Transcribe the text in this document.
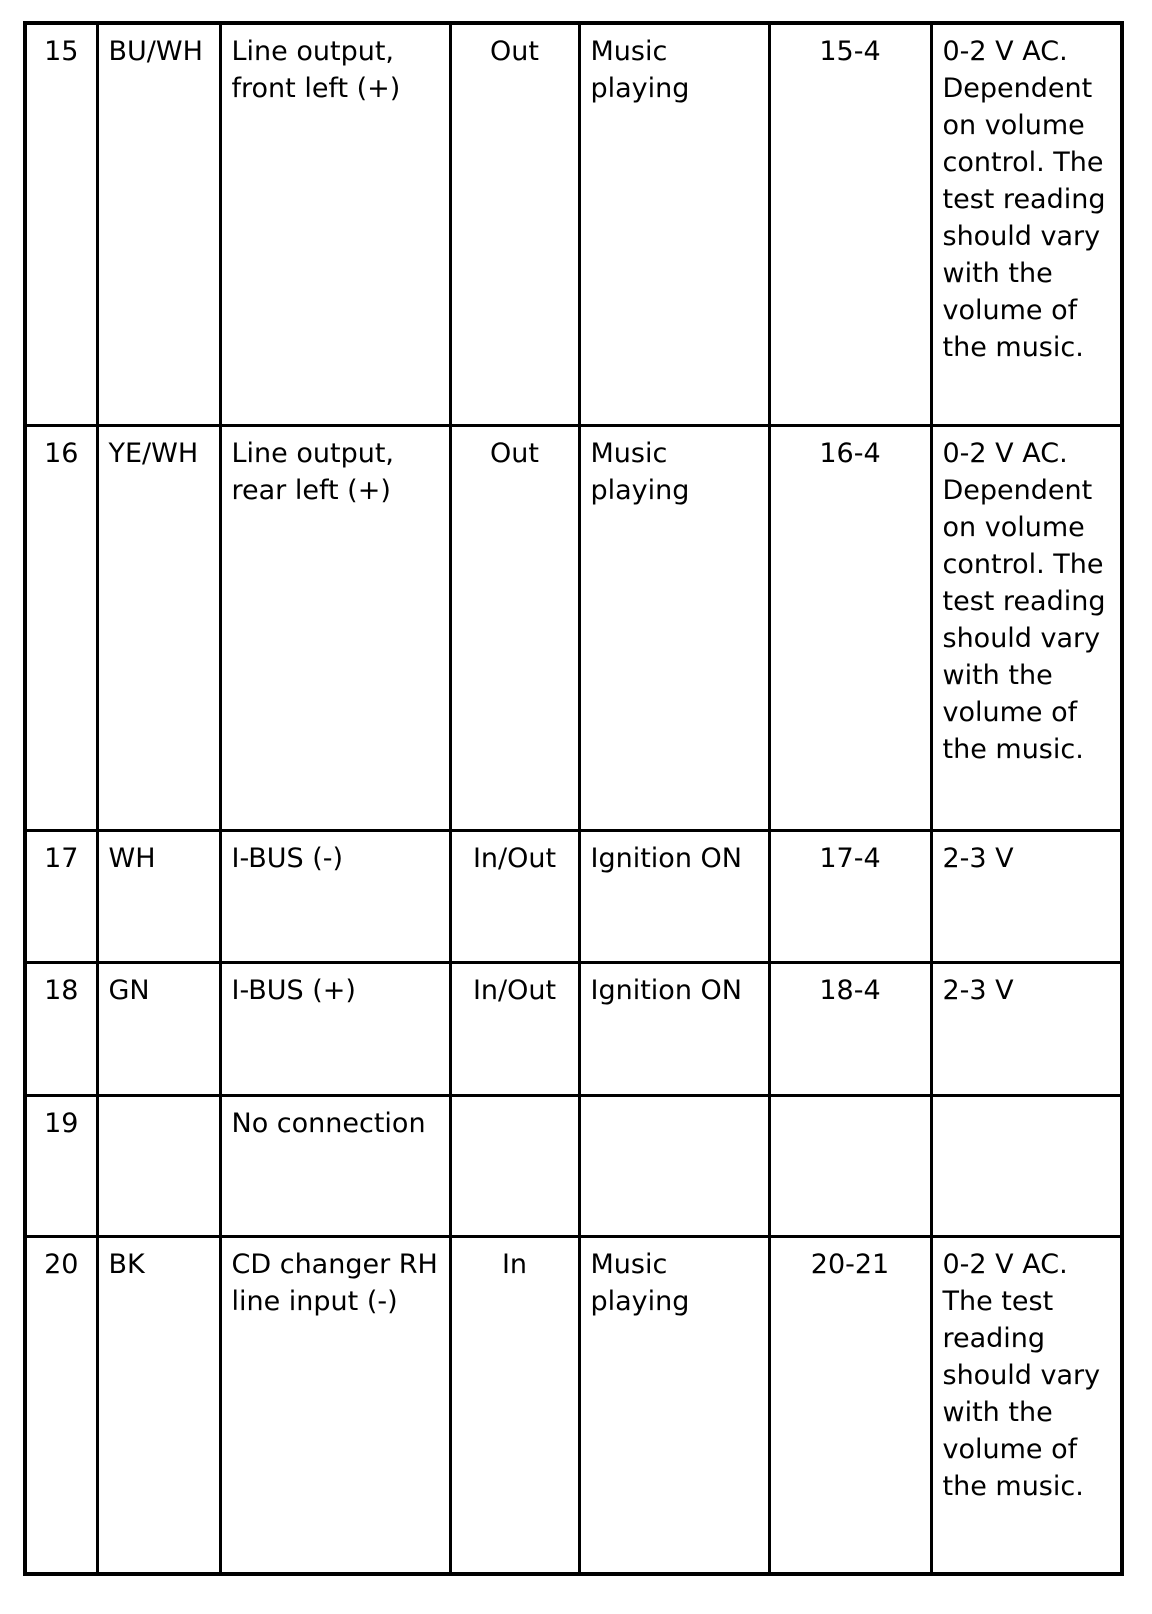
15	BU/WH	Line output, front left (+)	Out	Music playing	15-4	0-2 V AC. Dependent on volume control. The test reading should vary with the volume of the music.
16	YE/WH	Line output, rear left (+)	Out	Music playing	16-4	0-2 V AC. Dependent on volume control. The test reading should vary with the volume of the music.
17	WH	I-BUS (-)	In/Out	Ignition ON	17-4	2-3 V
18	GN	I-BUS (+)	In/Out	Ignition ON	18-4	2-3 V
19		No connection				
20	BK	CD changer RH line input (-)	In	Music playing	20-21	0-2 V AC. The test reading should vary with the volume of the music.
